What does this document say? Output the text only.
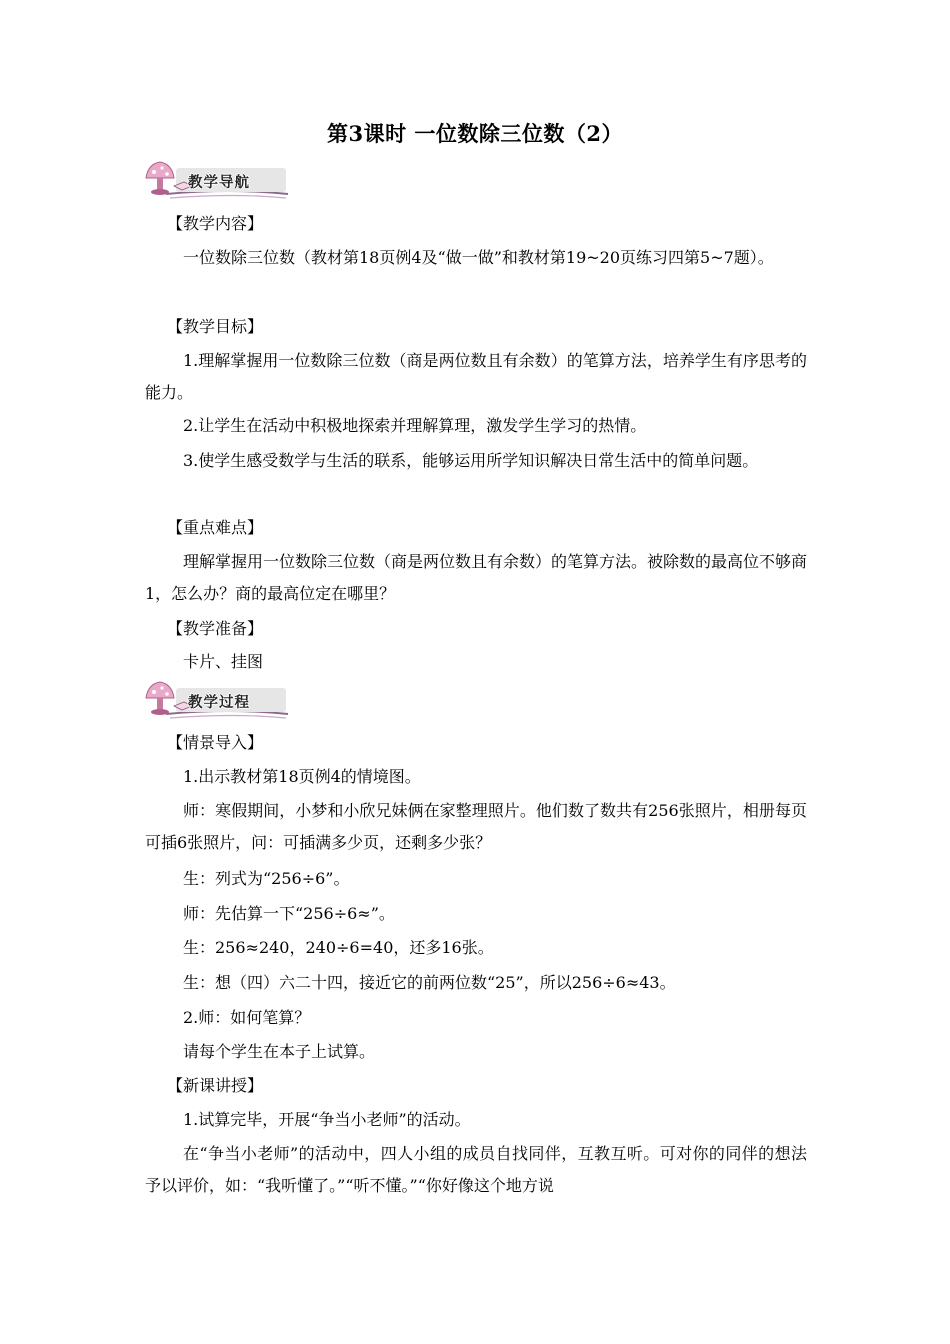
第3课时 一位数除三位数（2）
教学导航

【教学内容】

一位数除三位数（教材第18页例4及“做一做”和教材第19~20页练习四第5~7题）。

【教学目标】

1.理解掌握用一位数除三位数（商是两位数且有余数）的笔算方法，培养学生有序思考的能力。

2.让学生在活动中积极地探索并理解算理，激发学生学习的热情。

3.使学生感受数学与生活的联系，能够运用所学知识解决日常生活中的简单问题。

【重点难点】

理解掌握用一位数除三位数（商是两位数且有余数）的笔算方法。被除数的最高位不够商1，怎么办？商的最高位定在哪里？

【教学准备】

卡片、挂图

教学过程

【情景导入】

1.出示教材第18页例4的情境图。

师：寒假期间，小梦和小欣兄妹俩在家整理照片。他们数了数共有256张照片，相册每页可插6张照片，问：可插满多少页，还剩多少张？

生：列式为“256÷6”。

师：先估算一下“256÷6≈”。

生：256≈240，240÷6=40，还多16张。

生：想（四）六二十四，接近它的前两位数“25”，所以256÷6≈43。

2.师：如何笔算？

请每个学生在本子上试算。

【新课讲授】

1.试算完毕，开展“争当小老师”的活动。

在“争当小老师”的活动中，四人小组的成员自找同伴，互教互听。可对你的同伴的想法予以评价，如：“我听懂了。”“听不懂。”“你好像这个地方说
